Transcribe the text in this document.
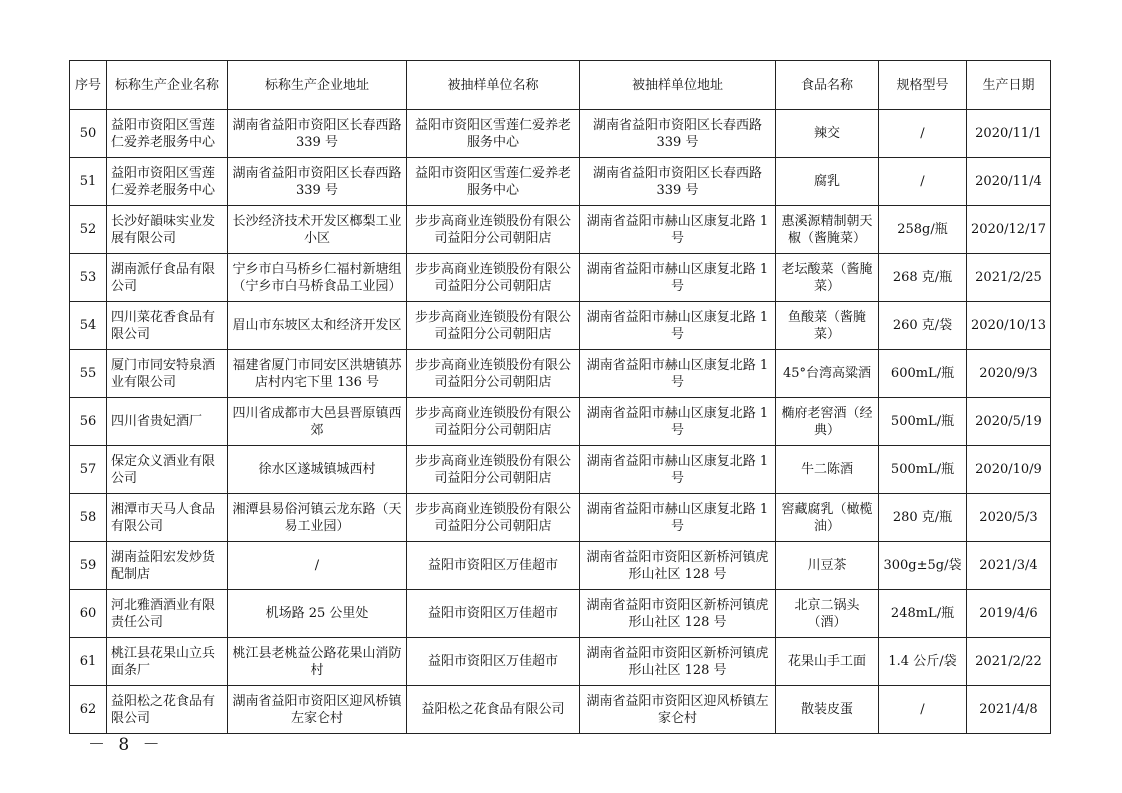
序号	标称生产企业名称	标称生产企业地址	被抽样单位名称	被抽样单位地址	食品名称	规格型号	生产日期
50	益阳市资阳区雪莲仁爱养老服务中心	湖南省益阳市资阳区长春西路 339 号	益阳市资阳区雪莲仁爱养老服务中心	湖南省益阳市资阳区长春西路 339 号	辣交	/	2020/11/1
51	益阳市资阳区雪莲仁爱养老服务中心	湖南省益阳市资阳区长春西路 339 号	益阳市资阳区雪莲仁爱养老服务中心	湖南省益阳市资阳区长春西路 339 号	腐乳	/	2020/11/4
52	长沙好韻味实业发展有限公司	长沙经济技术开发区榔梨工业小区	步步高商业连锁股份有限公司益阳分公司朝阳店	湖南省益阳市赫山区康复北路 1 号	惠溪源精制朝天椒（酱腌菜）	258g/瓶	2020/12/17
53	湖南派仔食品有限公司	宁乡市白马桥乡仁福村新塘组（宁乡市白马桥食品工业园）	步步高商业连锁股份有限公司益阳分公司朝阳店	湖南省益阳市赫山区康复北路 1 号	老坛酸菜（酱腌菜）	268 克/瓶	2021/2/25
54	四川菜花香食品有限公司	眉山市东坡区太和经济开发区	步步高商业连锁股份有限公司益阳分公司朝阳店	湖南省益阳市赫山区康复北路 1 号	鱼酸菜（酱腌菜）	260 克/袋	2020/10/13
55	厦门市同安特泉酒业有限公司	福建省厦门市同安区洪塘镇苏店村内宅下里 136 号	步步高商业连锁股份有限公司益阳分公司朝阳店	湖南省益阳市赫山区康复北路 1 号	45°台湾高粱酒	600mL/瓶	2020/9/3
56	四川省贵妃酒厂	四川省成都市大邑县晋原镇西郊	步步高商业连锁股份有限公司益阳分公司朝阳店	湖南省益阳市赫山区康复北路 1 号	椭府老窖酒（经典）	500mL/瓶	2020/5/19
57	保定众义酒业有限公司	徐水区遂城镇城西村	步步高商业连锁股份有限公司益阳分公司朝阳店	湖南省益阳市赫山区康复北路 1 号	牛二陈酒	500mL/瓶	2020/10/9
58	湘潭市天马人食品有限公司	湘潭县易俗河镇云龙东路（天易工业园）	步步高商业连锁股份有限公司益阳分公司朝阳店	湖南省益阳市赫山区康复北路 1 号	窖藏腐乳（橄榄油）	280 克/瓶	2020/5/3
59	湖南益阳宏发炒货配制店	/	益阳市资阳区万佳超市	湖南省益阳市资阳区新桥河镇虎形山社区 128 号	川豆茶	300g±5g/袋	2021/3/4
60	河北雅酒酒业有限责任公司	机场路 25 公里处	益阳市资阳区万佳超市	湖南省益阳市资阳区新桥河镇虎形山社区 128 号	北京二锅头（酒）	248mL/瓶	2019/4/6
61	桃江县花果山立兵面条厂	桃江县老桃益公路花果山消防村	益阳市资阳区万佳超市	湖南省益阳市资阳区新桥河镇虎形山社区 128 号	花果山手工面	1.4 公斤/袋	2021/2/22
62	益阳松之花食品有限公司	湖南省益阳市资阳区迎风桥镇左家仑村	益阳松之花食品有限公司	湖南省益阳市资阳区迎风桥镇左家仑村	散装皮蛋	/	2021/4/8
－ 8 －
